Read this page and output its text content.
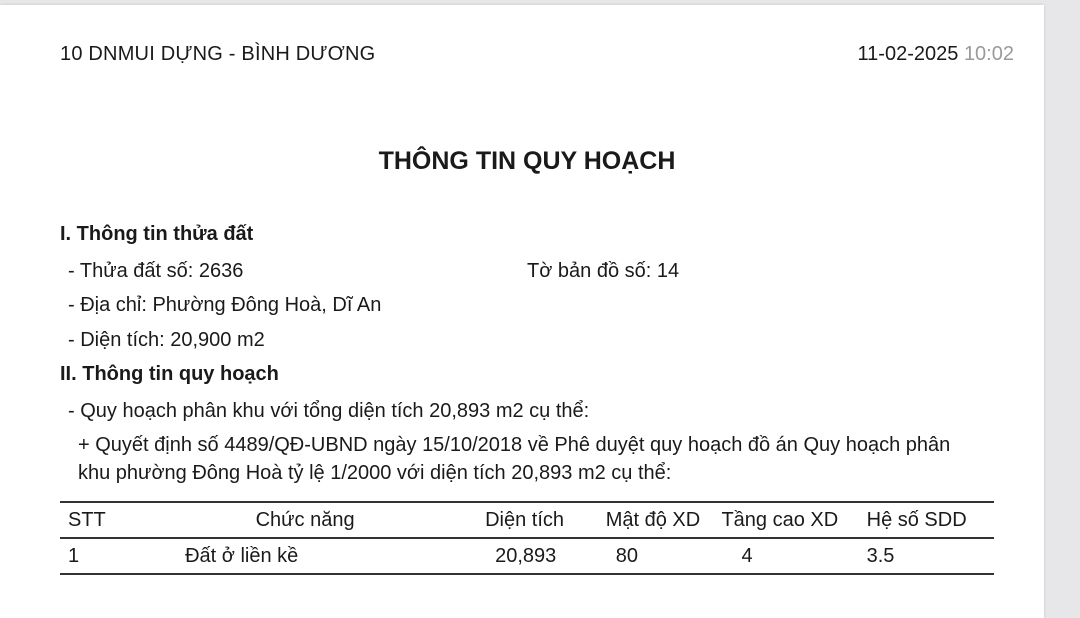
10 DNMUI DỰNG - BÌNH DƯƠNG	11-02-2025 10:02
THÔNG TIN QUY HOẠCH
I. Thông tin thửa đất
- Thửa đất số: 2636	Tờ bản đồ số: 14
- Địa chỉ: Phường Đông Hoà, Dĩ An
- Diện tích: 20,900 m2
II. Thông tin quy hoạch
- Quy hoạch phân khu với tổng diện tích 20,893 m2 cụ thể:
+ Quyết định số 4489/QĐ-UBND ngày 15/10/2018 về Phê duyệt quy hoạch đồ án Quy hoạch phân
khu phường Đông Hoà tỷ lệ 1/2000 với diện tích 20,893 m2 cụ thể:
STT	Chức năng	Diện tích	Mật độ XD	Tầng cao XD	Hệ số SDD
1	Đất ở liền kề	20,893	80	4	3.5
